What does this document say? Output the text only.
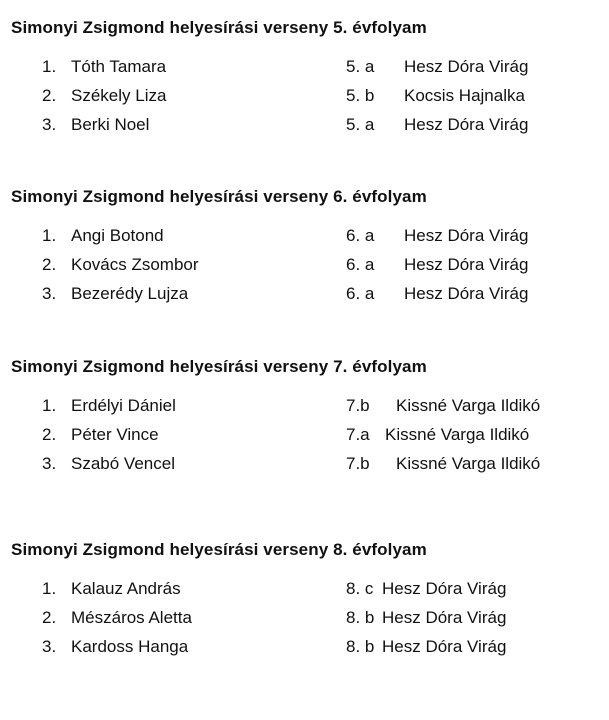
Simonyi Zsigmond helyesírási verseny 5. évfolyam
1. Tóth Tamara	5. a Hesz Dóra Virág
2. Székely Liza	5. b Kocsis Hajnalka
3. Berki Noel	5. a Hesz Dóra Virág
Simonyi Zsigmond helyesírási verseny 6. évfolyam
1. Angi Botond	6. a Hesz Dóra Virág
2. Kovács Zsombor	6. a Hesz Dóra Virág
3. Bezerédy Lujza	6. a Hesz Dóra Virág
Simonyi Zsigmond helyesírási verseny 7. évfolyam
1. Erdélyi Dániel	7.b Kissné Varga Ildikó
2. Péter Vince	7.a Kissné Varga Ildikó
3. Szabó Vencel	7.b Kissné Varga Ildikó
Simonyi Zsigmond helyesírási verseny 8. évfolyam
1. Kalauz András	8. c Hesz Dóra Virág
2. Mészáros Aletta	8. b Hesz Dóra Virág
3. Kardoss Hanga	8. b Hesz Dóra Virág
